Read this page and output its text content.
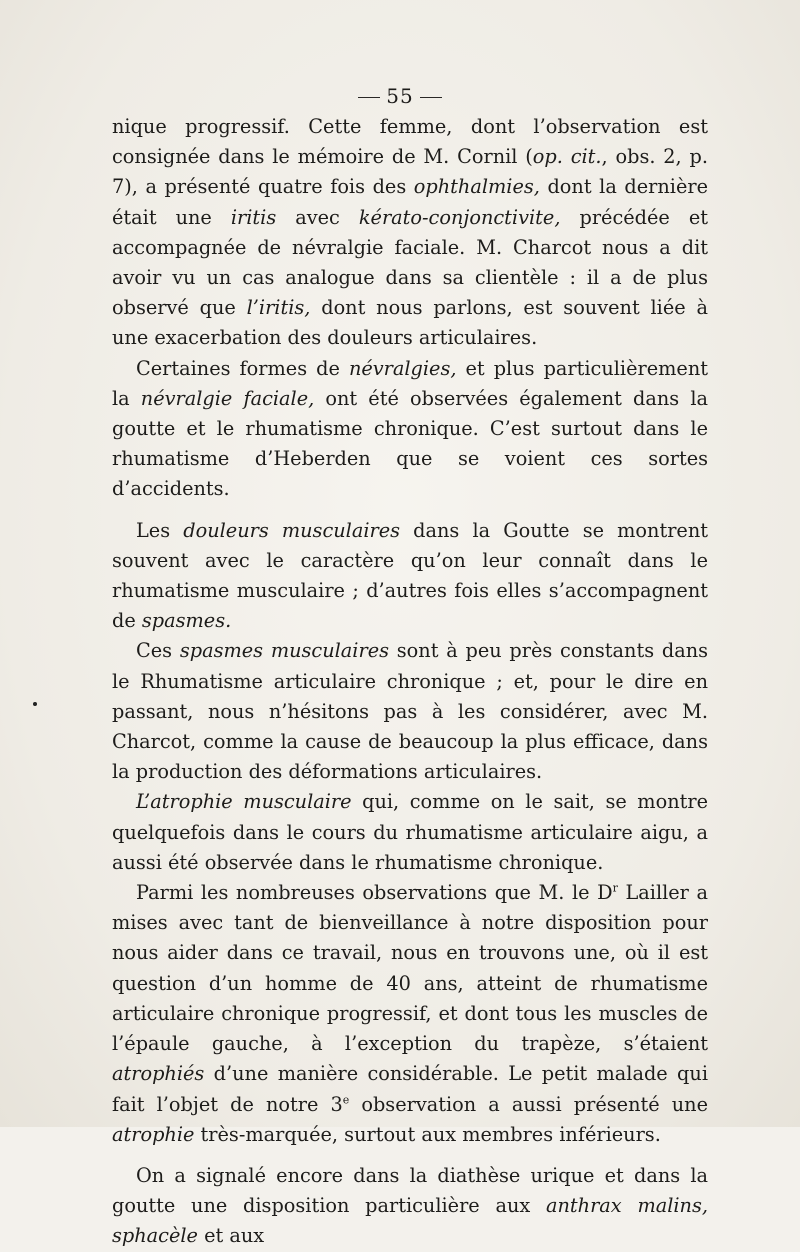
55

nique progressif. Cette femme, dont l’observation est consignée dans le mémoire de M. Cornil (op. cit., obs. 2, p. 7), a présenté quatre fois des ophthalmies, dont la dernière était une iritis avec kérato-conjonctivite, précédée et accompagnée de névralgie faciale. M. Charcot nous a dit avoir vu un cas analogue dans sa clientèle : il a de plus observé que l’iritis, dont nous parlons, est souvent liée à une exacerbation des douleurs articulaires.

Certaines formes de névralgies, et plus particulièrement la névralgie faciale, ont été observées également dans la goutte et le rhumatisme chronique. C’est surtout dans le rhumatisme d’Heberden que se voient ces sortes d’accidents.

Les douleurs musculaires dans la Goutte se montrent souvent avec le caractère qu’on leur connaît dans le rhumatisme musculaire ; d’autres fois elles s’accompagnent de spasmes.

Ces spasmes musculaires sont à peu près constants dans le Rhumatisme articulaire chronique ; et, pour le dire en passant, nous n’hésitons pas à les considérer, avec M. Charcot, comme la cause de beaucoup la plus efficace, dans la production des déformations articulaires.

L’atrophie musculaire qui, comme on le sait, se montre quelquefois dans le cours du rhumatisme articulaire aigu, a aussi été observée dans le rhumatisme chronique.

Parmi les nombreuses observations que M. le $D^r$ Lailler a mises avec tant de bienveillance à notre disposition pour nous aider dans ce travail, nous en trouvons une, où il est question d’un homme de 40 ans, atteint de rhumatisme articulaire chronique progressif, et dont tous les muscles de l’épaule gauche, à l’exception du trapèze, s’étaient atrophiés d’une manière considérable. Le petit malade qui fait l’objet de notre 3e observation a aussi présenté une atrophie très-marquée, surtout aux membres inférieurs.

On a signalé encore dans la diathèse urique et dans la goutte une disposition particulière aux anthrax malins, sphacèle et aux
